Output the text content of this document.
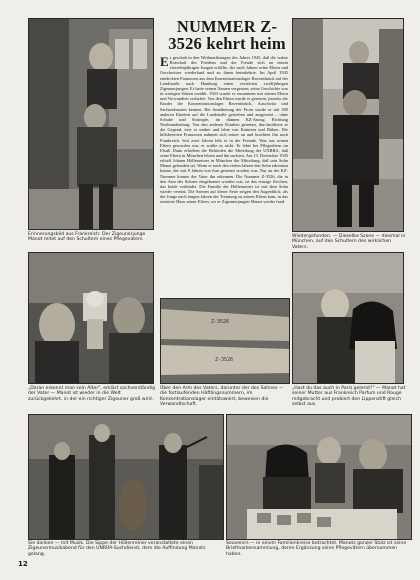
Erinnerungsbild aus Frankreich: Der Zigeunerjunge Manot reitet auf den Schultern eines Pflegevaters.
NUMMER Z-3526 kehrt heim
Es geschah in den Weihnachtstagen des Jahres 1945, daß die wahre Botschaft des Friedens und der Freude sich an einem vierzehnjährigen Jungen erfüllte, der nach Jahren seine Eltern und Geschwister wiederfand und zu ihnen heimkehrte. Im April 1945 entdeckten Franzosen aus dem Konzentrationslager Ravensbrück auf der Landstraße nach Hamburg einen verstörten zwölfjährigen Zigeunerjungen. Er hatte seinen Namen vergessen, seine Geschichte war in wenigen Sätzen erzählt. 1943 wurde er zusammen mit seinen Eltern und Verwandten verhaftet. Von den Eltern wurde er getrennt, jenseits der Kinder die Konzentrationslager Ravensbrück, Auschwitz und Sachsenhausen kennen. Bei Annäherung der Front wurde er mit 300 anderen Kindern auf die Landstraße getrieben und ausgesetzt – ohne Schuhe und Strümpfe, im dünnen KZ-Anzug. Richtung Neubrandenburg. Von den anderen Kindern getrennt, durchstöberte er die Gegend, irrte er umher und lebte von Kräutern und Rüben. Die hilfsbereiten Franzosen nahmen sich seiner an und brachten ihn nach Frankreich. Seit zwei Jahren lebt er in der Fremde. Was aus seinen Eltern geworden war, er wußte es nicht. Er lebte bei Pflegeeltern im Elsaß. Dann erhielten die Behörden die Mitteilung der UNRRA, daß seine Eltern in München lebten und ihn suchten. Am 13. Dezember 1945 erhielt Johann Höllenreiner in München die Mitteilung, daß sein Sohn Manot gefunden sei. Wenn er nach den vielen Jahren den Sohn erkennen könne, der mit 8 Jahren von ihm getrennt worden war. Nur an der KZ-Nummer konnte der Vater ihn erkennen. Die Nummer Z-3526, die in den Arm des Sohnes eingebrannt worden war, ist das einzige Zeichen, das beide verbindet. Die Familie der Höllenreiner ist mit dem Sohn wieder vereint. Die Szenen auf dieser Seite zeigen den Augenblick, als der Junge nach langen Jahren der Trennung zu seinen Eltern kam, in das zerstörte Haus seiner Eltern, wo er Zigeunerjungen Manot wieder fand.
Wiedergefunden. — Dieselbe Szene — diesmal in München, auf den Schultern des wirklichen Vaters.
„Daran erkennt man sein Alter", erklärt sachverständig der Vater — Manot ist wieder in die Welt zurückgekehrt, in der ein richtiger Zigeuner groß wird.
Z-3526
Z-3526
Über den Arm des Vaters, darunter der des Sohnes — die fortlaufenden Häftlingsnummern, im Konzentrationslager eintätowiert, beweisen die Verwandtschaft.
„Hast du das auch in Paris gelernt?" — Manot hat seiner Mutter aus Frankreich Parfum und Rouge mitgebracht und probiert den Lippenstift gleich selbst aus.
Sie danken — mit Musik. Die Sippe der Höllenreiner veranstaltete einen Zigeunermusikabend für den UNRRA-Suchdienst, dem die Auffindung Manots gelang.
Souvenirs — in einem Familienkreise betrachtet. Manots ganzer Stolz ist seine Briefmarkensammlung, deren Ergänzung seine Pflegevätern übernommen haben.
12
